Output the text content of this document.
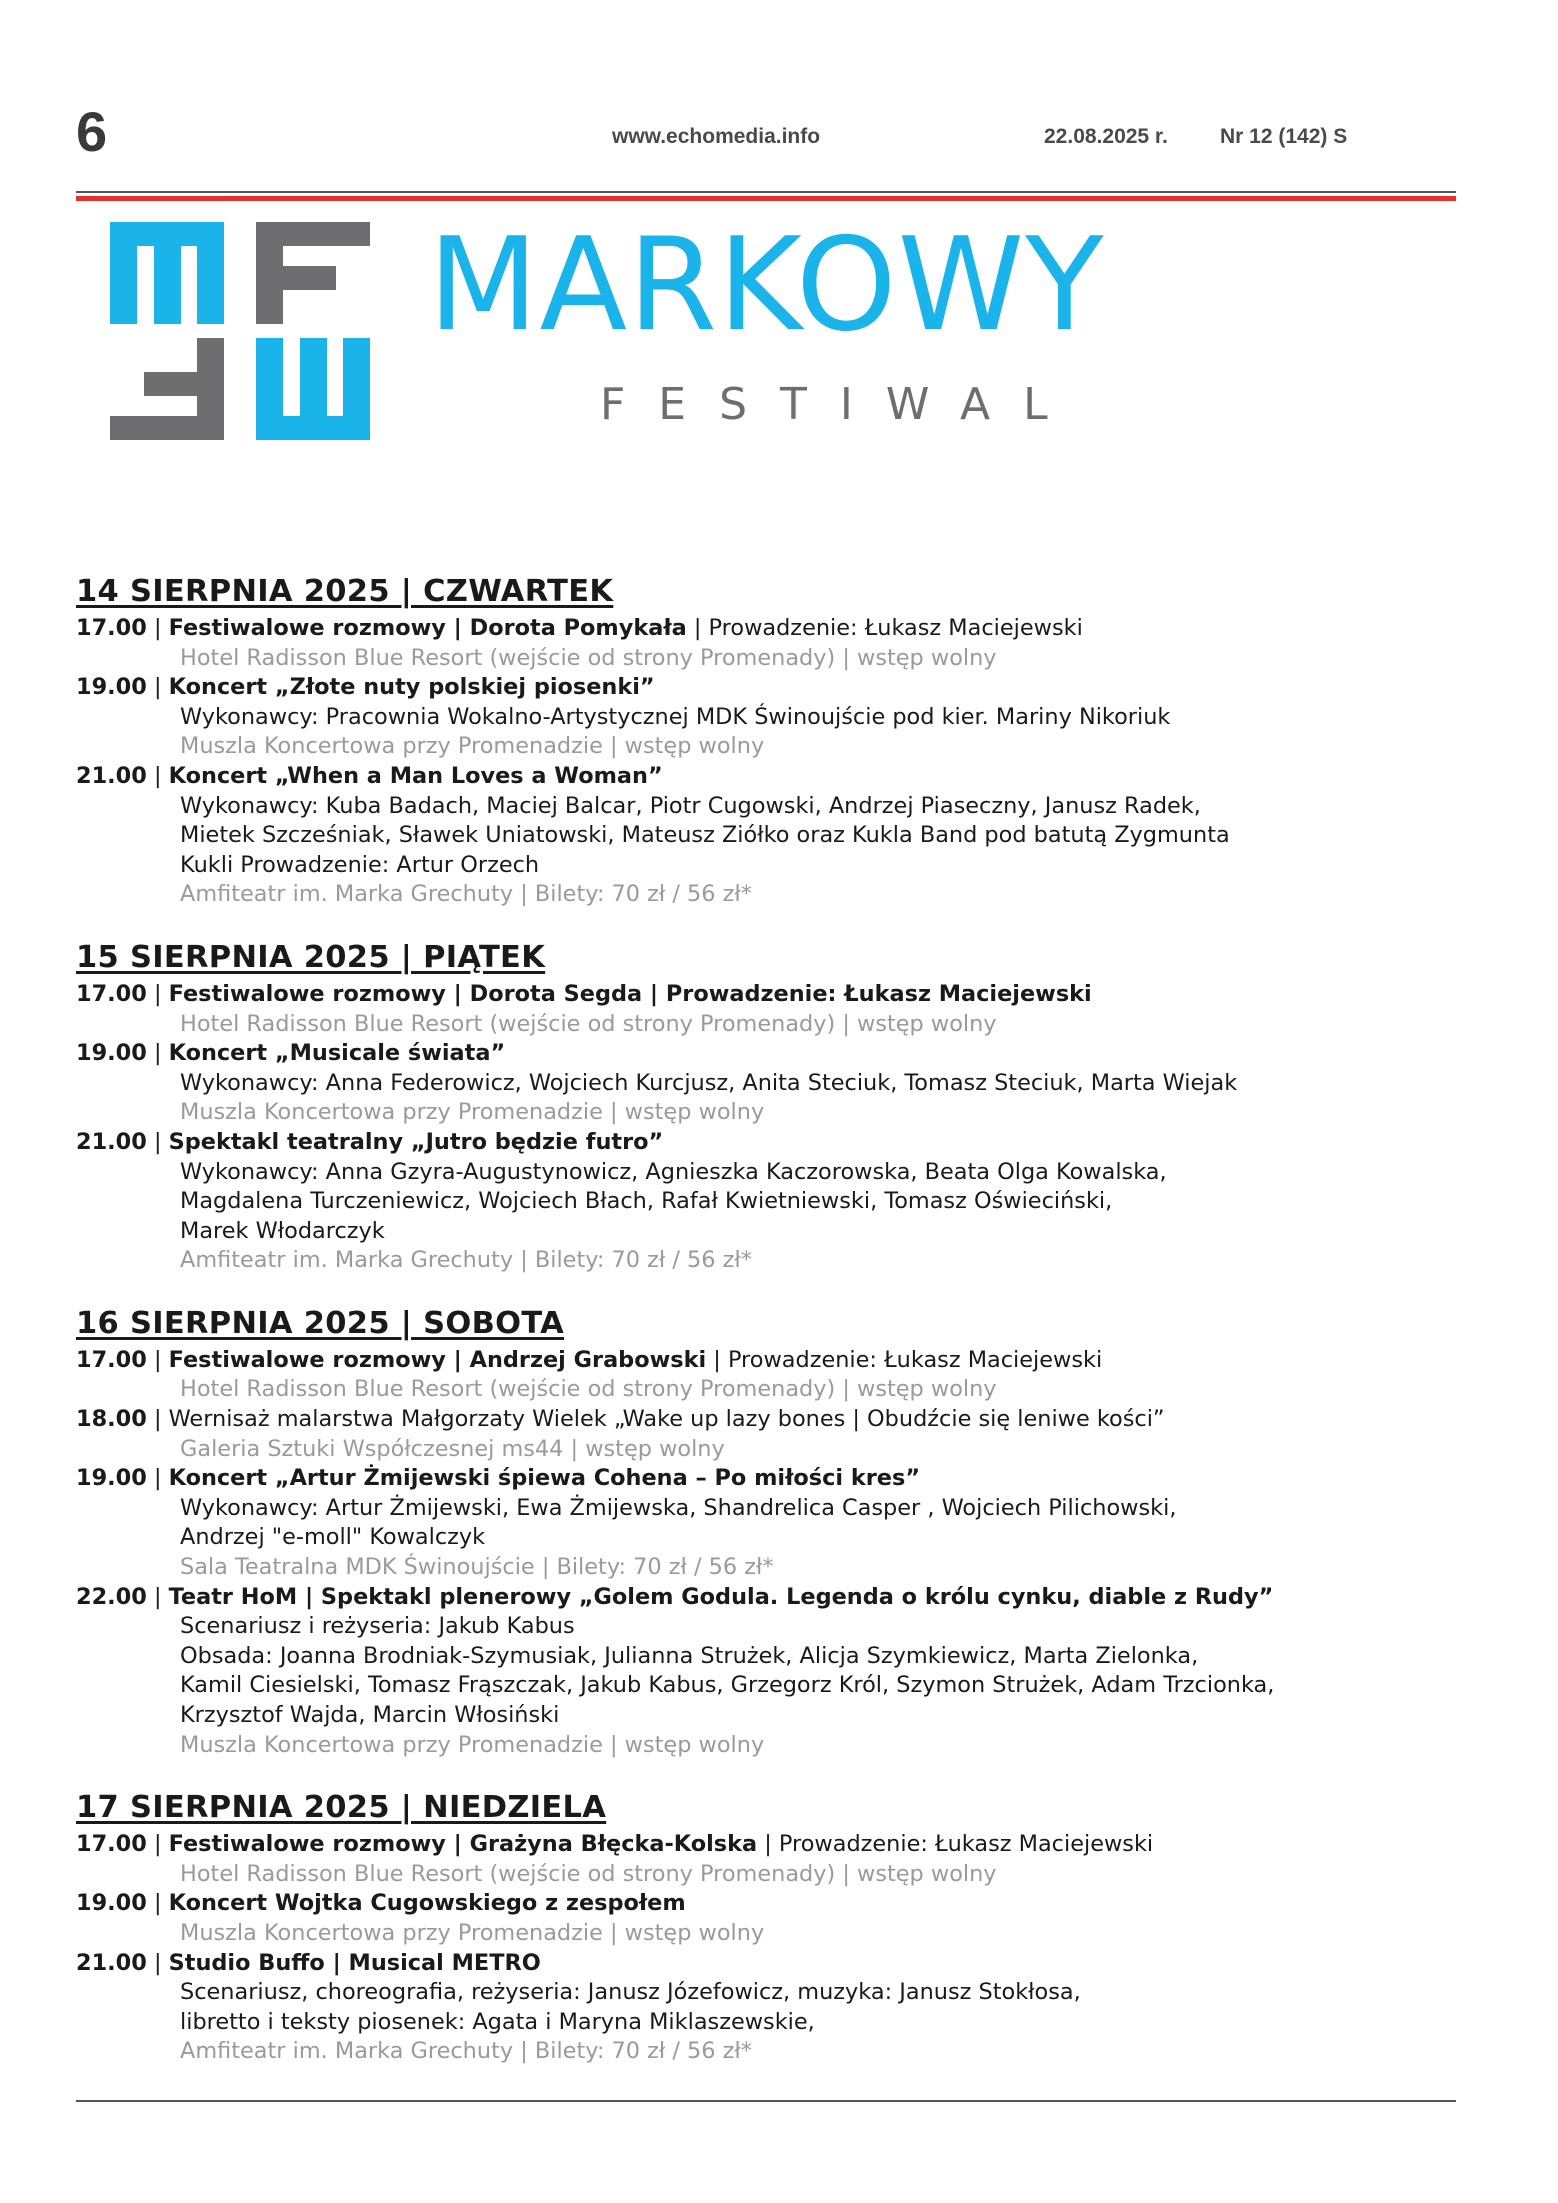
6	www.echomedia.info	22.08.2025 r. Nr 12 (142) S
MARKOWY
FESTIWAL
14 SIERPNIA 2025 | CZWARTEK
17.00 | Festiwalowe rozmowy | Dorota Pomykała | Prowadzenie: Łukasz Maciejewski
Hotel Radisson Blue Resort (wejście od strony Promenady) | wstęp wolny
19.00 | Koncert „Złote nuty polskiej piosenki”
Wykonawcy: Pracownia Wokalno-Artystycznej MDK Świnoujście pod kier. Mariny Nikoriuk
Muszla Koncertowa przy Promenadzie | wstęp wolny
21.00 | Koncert „When a Man Loves a Woman”
Wykonawcy: Kuba Badach, Maciej Balcar, Piotr Cugowski, Andrzej Piaseczny, Janusz Radek,
Mietek Szcześniak, Sławek Uniatowski, Mateusz Ziółko oraz Kukla Band pod batutą Zygmunta
Kukli Prowadzenie: Artur Orzech
Amfiteatr im. Marka Grechuty | Bilety: 70 zł / 56 zł*
15 SIERPNIA 2025 | PIĄTEK
17.00 | Festiwalowe rozmowy | Dorota Segda | Prowadzenie: Łukasz Maciejewski
Hotel Radisson Blue Resort (wejście od strony Promenady) | wstęp wolny
19.00 | Koncert „Musicale świata”
Wykonawcy: Anna Federowicz, Wojciech Kurcjusz, Anita Steciuk, Tomasz Steciuk, Marta Wiejak
Muszla Koncertowa przy Promenadzie | wstęp wolny
21.00 | Spektakl teatralny „Jutro będzie futro”
Wykonawcy: Anna Gzyra-Augustynowicz, Agnieszka Kaczorowska, Beata Olga Kowalska,
Magdalena Turczeniewicz, Wojciech Błach, Rafał Kwietniewski, Tomasz Oświeciński,
Marek Włodarczyk
Amfiteatr im. Marka Grechuty | Bilety: 70 zł / 56 zł*
16 SIERPNIA 2025 | SOBOTA
17.00 | Festiwalowe rozmowy | Andrzej Grabowski | Prowadzenie: Łukasz Maciejewski
Hotel Radisson Blue Resort (wejście od strony Promenady) | wstęp wolny
18.00 | Wernisaż malarstwa Małgorzaty Wielek „Wake up lazy bones | Obudźcie się leniwe kości”
Galeria Sztuki Współczesnej ms44 | wstęp wolny
19.00 | Koncert „Artur Żmijewski śpiewa Cohena – Po miłości kres”
Wykonawcy: Artur Żmijewski, Ewa Żmijewska, Shandrelica Casper , Wojciech Pilichowski,
Andrzej "e-moll" Kowalczyk
Sala Teatralna MDK Świnoujście | Bilety: 70 zł / 56 zł*
22.00 | Teatr HoM | Spektakl plenerowy „Golem Godula. Legenda o królu cynku, diable z Rudy”
Scenariusz i reżyseria: Jakub Kabus
Obsada: Joanna Brodniak-Szymusiak, Julianna Strużek, Alicja Szymkiewicz, Marta Zielonka,
Kamil Ciesielski, Tomasz Frąszczak, Jakub Kabus, Grzegorz Król, Szymon Strużek, Adam Trzcionka,
Krzysztof Wajda, Marcin Włosiński
Muszla Koncertowa przy Promenadzie | wstęp wolny
17 SIERPNIA 2025 | NIEDZIELA
17.00 | Festiwalowe rozmowy | Grażyna Błęcka-Kolska | Prowadzenie: Łukasz Maciejewski
Hotel Radisson Blue Resort (wejście od strony Promenady) | wstęp wolny
19.00 | Koncert Wojtka Cugowskiego z zespołem
Muszla Koncertowa przy Promenadzie | wstęp wolny
21.00 | Studio Buffo | Musical METRO
Scenariusz, choreografia, reżyseria: Janusz Józefowicz, muzyka: Janusz Stokłosa,
libretto i teksty piosenek: Agata i Maryna Miklaszewskie,
Amfiteatr im. Marka Grechuty | Bilety: 70 zł / 56 zł*
